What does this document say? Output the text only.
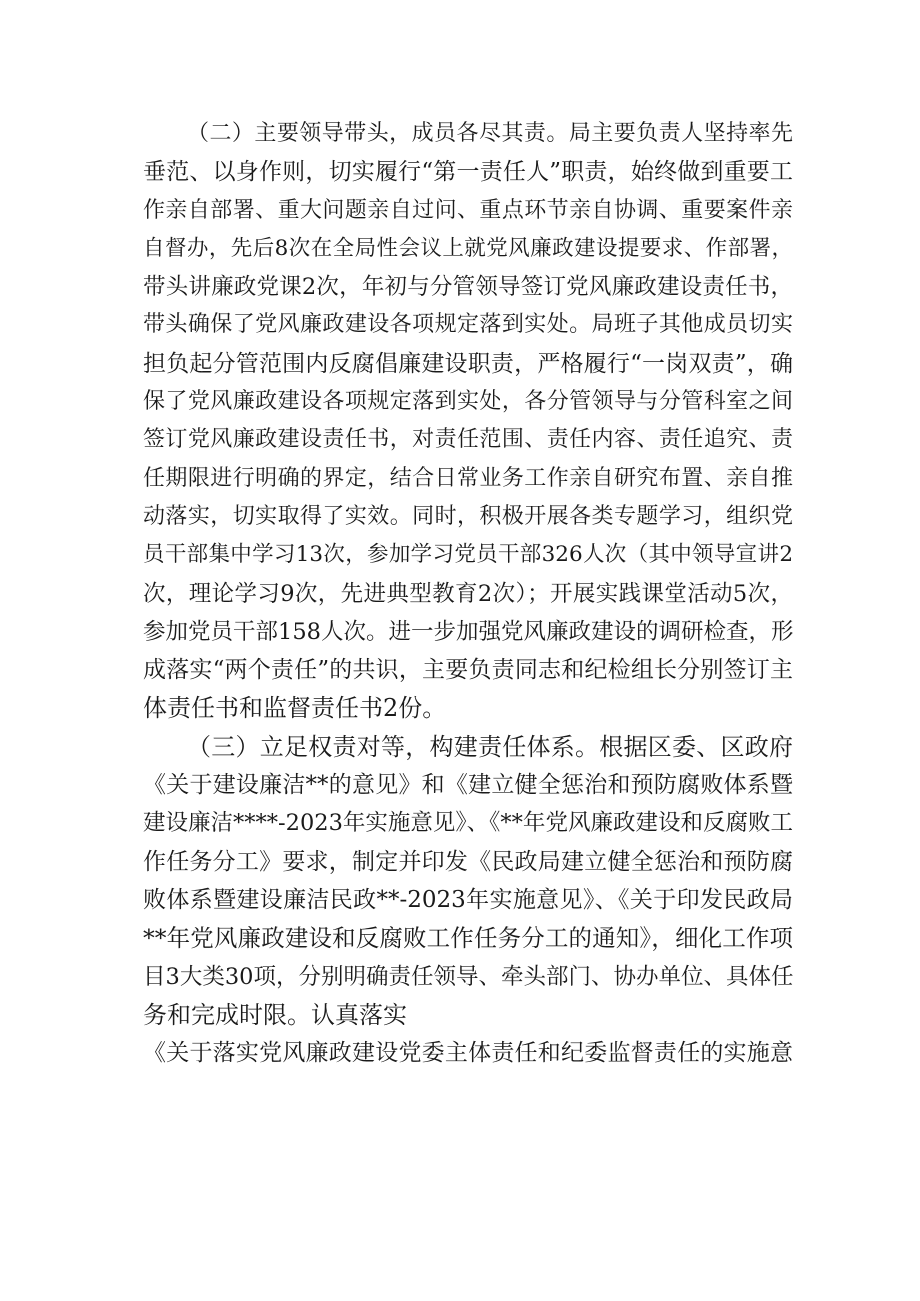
（二）主要领导带头，成员各尽其责。局主要负责人坚持率先
垂范、以身作则，切实履行“第一责任人”职责，始终做到重要工
作亲自部署、重大问题亲自过问、重点环节亲自协调、重要案件亲
自督办，先后8次在全局性会议上就党风廉政建设提要求、作部署，
带头讲廉政党课2次，年初与分管领导签订党风廉政建设责任书，
带头确保了党风廉政建设各项规定落到实处。局班子其他成员切实
担负起分管范围内反腐倡廉建设职责，严格履行“一岗双责”，确
保了党风廉政建设各项规定落到实处，各分管领导与分管科室之间
签订党风廉政建设责任书，对责任范围、责任内容、责任追究、责
任期限进行明确的界定，结合日常业务工作亲自研究布置、亲自推
动落实，切实取得了实效。同时，积极开展各类专题学习，组织党
员干部集中学习13次，参加学习党员干部326人次（其中领导宣讲2
次，理论学习9次，先进典型教育2次）；开展实践课堂活动5次，
参加党员干部158人次。进一步加强党风廉政建设的调研检查，形
成落实“两个责任”的共识，主要负责同志和纪检组长分别签订主
体责任书和监督责任书2份。
（三）立足权责对等，构建责任体系。根据区委、区政府
《关于建设廉洁**的意见》和《建立健全惩治和预防腐败体系暨
建设廉洁****-2023年实施意见》、《**年党风廉政建设和反腐败工
作任务分工》要求，制定并印发《民政局建立健全惩治和预防腐
败体系暨建设廉洁民政**-2023年实施意见》、《关于印发民政局
**年党风廉政建设和反腐败工作任务分工的通知》，细化工作项
目3大类30项，分别明确责任领导、牵头部门、协办单位、具体任
务和完成时限。认真落实
《关于落实党风廉政建设党委主体责任和纪委监督责任的实施意
